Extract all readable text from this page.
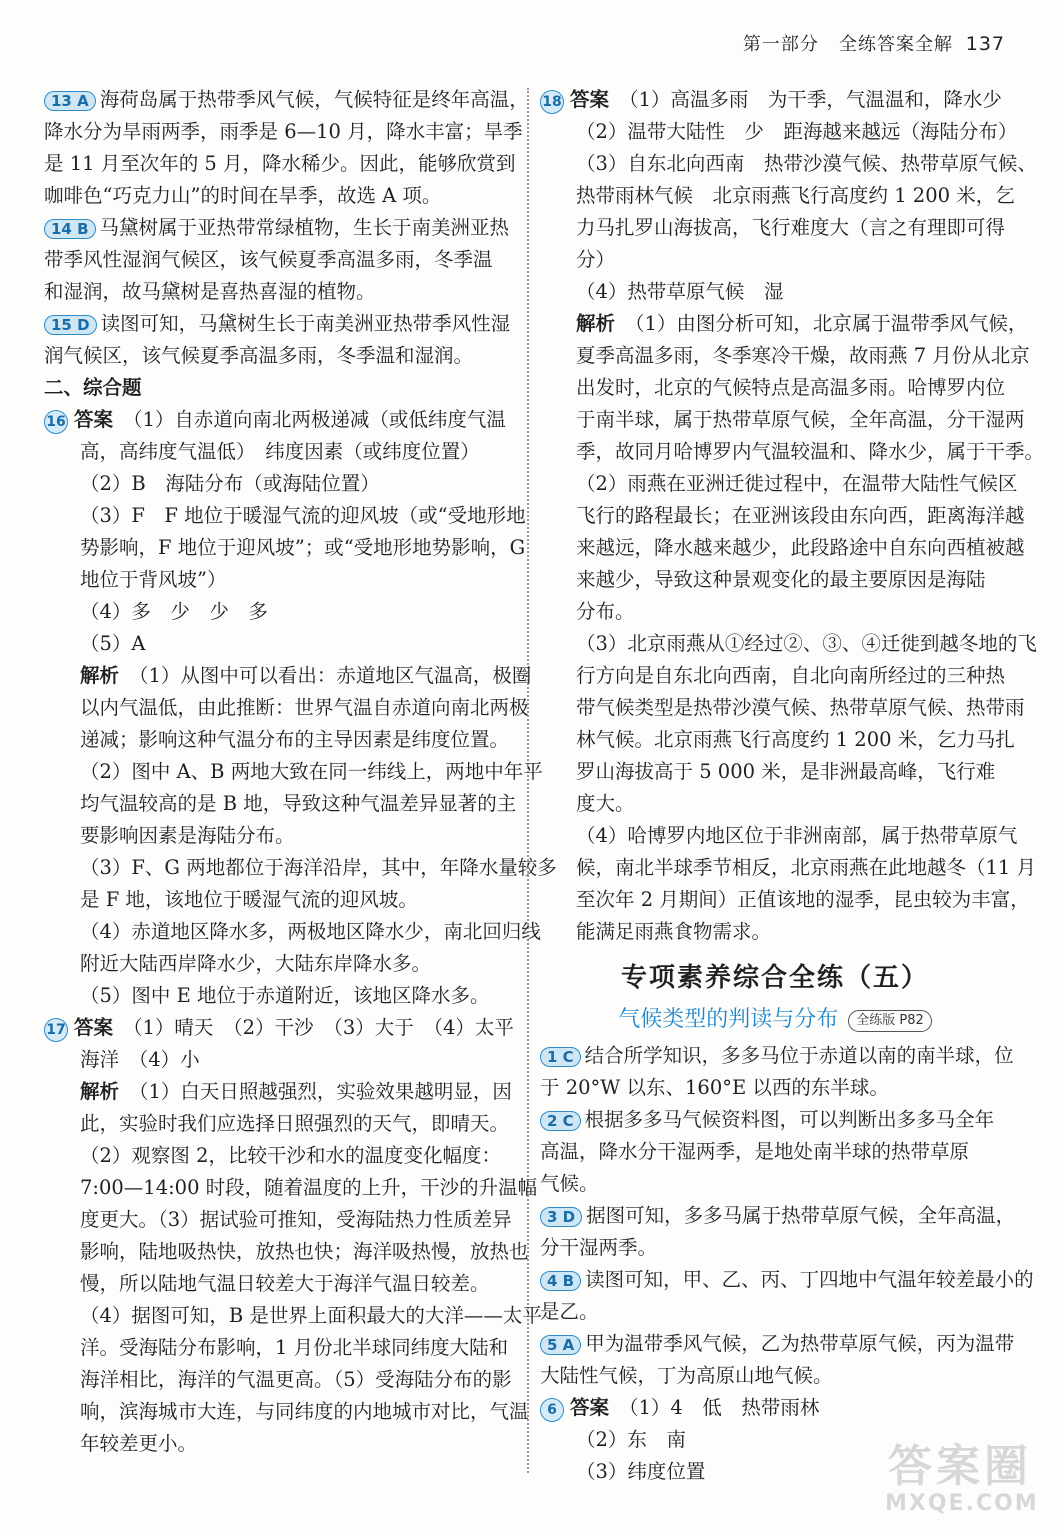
第一部分 全练答案全解 137
13 A 海荷岛属于热带季风气候，气候特征是终年高温，
降水分为旱雨两季，雨季是 6—10 月，降水丰富；旱季
是 11 月至次年的 5 月，降水稀少。因此，能够欣赏到
咖啡色“巧克力山”的时间在旱季，故选 A 项。
14 B 马黛树属于亚热带常绿植物，生长于南美洲亚热
带季风性湿润气候区，该气候夏季高温多雨，冬季温
和湿润，故马黛树是喜热喜湿的植物。
15 D 读图可知，马黛树生长于南美洲亚热带季风性湿
润气候区，该气候夏季高温多雨，冬季温和湿润。
二、综合题
16 答案 （1）自赤道向南北两极递减（或低纬度气温
高，高纬度气温低）　纬度因素（或纬度位置）
（2）B　海陆分布（或海陆位置）
（3）F　F 地位于暖湿气流的迎风坡（或“受地形地
势影响，F 地位于迎风坡”；或“受地形地势影响，G
地位于背风坡”）
（4）多　少　少　多
（5）A
解析 （1）从图中可以看出：赤道地区气温高，极圈
以内气温低，由此推断：世界气温自赤道向南北两极
递减；影响这种气温分布的主导因素是纬度位置。
（2）图中 A、B 两地大致在同一纬线上，两地中年平
均气温较高的是 B 地，导致这种气温差异显著的主
要影响因素是海陆分布。
（3）F、G 两地都位于海洋沿岸，其中，年降水量较多
是 F 地，该地位于暖湿气流的迎风坡。
（4）赤道地区降水多，两极地区降水少，南北回归线
附近大陆西岸降水少，大陆东岸降水多。
（5）图中 E 地位于赤道附近，该地区降水多。
17 答案 （1）晴天　（2）干沙　（3）大于　（4）太平
海洋　（4）小
解析 （1）白天日照越强烈，实验效果越明显，因
此，实验时我们应选择日照强烈的天气，即晴天。
（2）观察图 2，比较干沙和水的温度变化幅度：
7:00—14:00 时段，随着温度的上升，干沙的升温幅
度更大。（3）据试验可推知，受海陆热力性质差异
影响，陆地吸热快，放热也快；海洋吸热慢，放热也
慢，所以陆地气温日较差大于海洋气温日较差。
（4）据图可知，B 是世界上面积最大的大洋——太平
洋。受海陆分布影响，1 月份北半球同纬度大陆和
海洋相比，海洋的气温更高。（5）受海陆分布的影
响，滨海城市大连，与同纬度的内地城市对比，气温
年较差更小。
18 答案 （1）高温多雨　为干季，气温温和，降水少
（2）温带大陆性　少　距海越来越远（海陆分布）
（3）自东北向西南　热带沙漠气候、热带草原气候、
热带雨林气候　北京雨燕飞行高度约 1 200 米，乞
力马扎罗山海拔高，飞行难度大（言之有理即可得
分）
（4）热带草原气候　湿
解析 （1）由图分析可知，北京属于温带季风气候，
夏季高温多雨，冬季寒冷干燥，故雨燕 7 月份从北京
出发时，北京的气候特点是高温多雨。哈博罗内位
于南半球，属于热带草原气候，全年高温，分干湿两
季，故同月哈博罗内气温较温和、降水少，属于干季。
（2）雨燕在亚洲迁徙过程中，在温带大陆性气候区
飞行的路程最长；在亚洲该段由东向西，距离海洋越
来越远，降水越来越少，此段路途中自东向西植被越
来越少，导致这种景观变化的最主要原因是海陆
分布。
（3）北京雨燕从①经过②、③、④迁徙到越冬地的飞
行方向是自东北向西南，自北向南所经过的三种热
带气候类型是热带沙漠气候、热带草原气候、热带雨
林气候。北京雨燕飞行高度约 1 200 米，乞力马扎
罗山海拔高于 5 000 米，是非洲最高峰，飞行难
度大。
（4）哈博罗内地区位于非洲南部，属于热带草原气
候，南北半球季节相反，北京雨燕在此地越冬（11 月
至次年 2 月期间）正值该地的湿季，昆虫较为丰富，
能满足雨燕食物需求。
专项素养综合全练（五）
气候类型的判读与分布 全练版 P82
1 C 结合所学知识，多多马位于赤道以南的南半球，位
于 20°W 以东、160°E 以西的东半球。
2 C 根据多多马气候资料图，可以判断出多多马全年
高温，降水分干湿两季，是地处南半球的热带草原
气候。
3 D 据图可知，多多马属于热带草原气候，全年高温，
分干湿两季。
4 B 读图可知，甲、乙、丙、丁四地中气温年较差最小的
是乙。
5 A 甲为温带季风气候，乙为热带草原气候，丙为温带
大陆性气候，丁为高原山地气候。
6 答案 （1）4　低　热带雨林
（2）东　南
（3）纬度位置	答案圈
MXQE.COM
